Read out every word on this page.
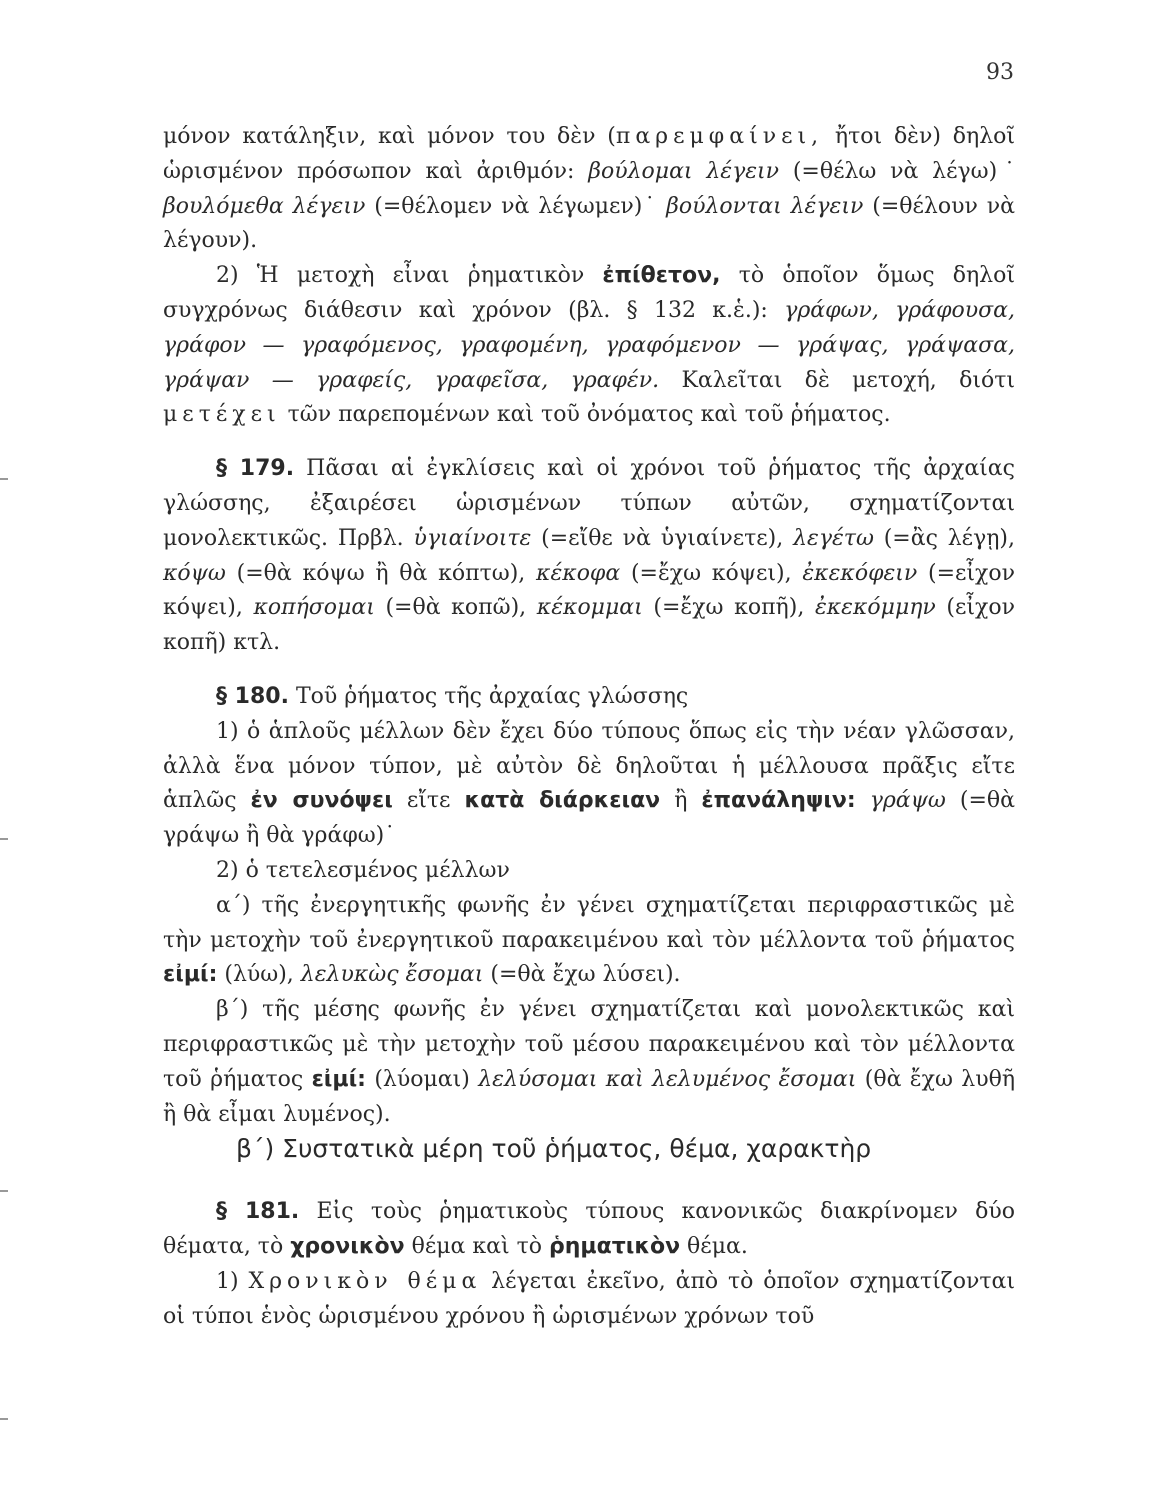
93

μόνον κατάληξιν, καὶ μόνον του δὲν (παρεμφαίνει, ἤτοι δὲν) δηλοῖ ὡρισμένον πρόσωπον καὶ ἀριθμόν: βούλομαι λέγειν (=θέλω νὰ λέγω)˙ βουλόμεθα λέγειν (=θέλομεν νὰ λέγωμεν)˙ βούλονται λέγειν (=θέλουν νὰ λέγουν).

2) Ἡ μετοχὴ εἶναι ῥηματικὸν ἐπίθετον, τὸ ὁποῖον ὅμως δηλοῖ συγχρόνως διάθεσιν καὶ χρόνον (βλ. § 132 κ.ἑ.): γράφων, γράφουσα, γράφον — γραφόμενος, γραφομένη, γραφόμενον — γράψας, γράψασα, γράψαν — γραφείς, γραφεῖσα, γραφέν. Καλεῖται δὲ μετοχή, διότι μετέχει τῶν παρεπομένων καὶ τοῦ ὀνόματος καὶ τοῦ ῥήματος.

§ 179. Πᾶσαι αἱ ἐγκλίσεις καὶ οἱ χρόνοι τοῦ ῥήματος τῆς ἀρχαίας γλώσσης, ἐξαιρέσει ὡρισμένων τύπων αὐτῶν, σχηματίζονται μονολεκτικῶς. Πρβλ. ὑγιαίνοιτε (=εἴθε νὰ ὑγιαίνετε), λεγέτω (=ἂς λέγῃ), κόψω (=θὰ κόψω ἢ θὰ κόπτω), κέκοφα (=ἔχω κόψει), ἐκεκόφειν (=εἶχον κόψει), κοπήσομαι (=θὰ κοπῶ), κέκομμαι (=ἔχω κοπῆ), ἐκεκόμμην (εἶχον κοπῆ) κτλ.

§ 180. Τοῦ ῥήματος τῆς ἀρχαίας γλώσσης

1) ὁ ἁπλοῦς μέλλων δὲν ἔχει δύο τύπους ὅπως εἰς τὴν νέαν γλῶσσαν, ἀλλὰ ἕνα μόνον τύπον, μὲ αὐτὸν δὲ δηλοῦται ἡ μέλλουσα πρᾶξις εἴτε ἁπλῶς ἐν συνόψει εἴτε κατὰ διάρκειαν ἢ ἐπανάληψιν: γράψω (=θὰ γράψω ἢ θὰ γράφω)˙

2) ὁ τετελεσμένος μέλλων

α΄) τῆς ἐνεργητικῆς φωνῆς ἐν γένει σχηματίζεται περιφραστικῶς μὲ τὴν μετοχὴν τοῦ ἐνεργητικοῦ παρακειμένου καὶ τὸν μέλλοντα τοῦ ῥήματος εἰμί: (λύω), λελυκὼς ἔσομαι (=θὰ ἔχω λύσει).

β΄) τῆς μέσης φωνῆς ἐν γένει σχηματίζεται καὶ μονολεκτικῶς καὶ περιφραστικῶς μὲ τὴν μετοχὴν τοῦ μέσου παρακειμένου καὶ τὸν μέλλοντα τοῦ ῥήματος εἰμί: (λύομαι) λελύσομαι καὶ λελυμένος ἔσομαι (θὰ ἔχω λυθῆ ἢ θὰ εἶμαι λυμένος).

β΄) Συστατικὰ μέρη τοῦ ῥήματος, θέμα, χαρακτὴρ

§ 181. Εἰς τοὺς ῥηματικοὺς τύπους κανονικῶς διακρίνομεν δύο θέματα, τὸ χρονικὸν θέμα καὶ τὸ ῥηματικὸν θέμα.

1) Χρονικὸν θέμα λέγεται ἐκεῖνο, ἀπὸ τὸ ὁποῖον σχηματίζονται οἱ τύποι ἑνὸς ὡρισμένου χρόνου ἢ ὡρισμένων χρόνων τοῦ
